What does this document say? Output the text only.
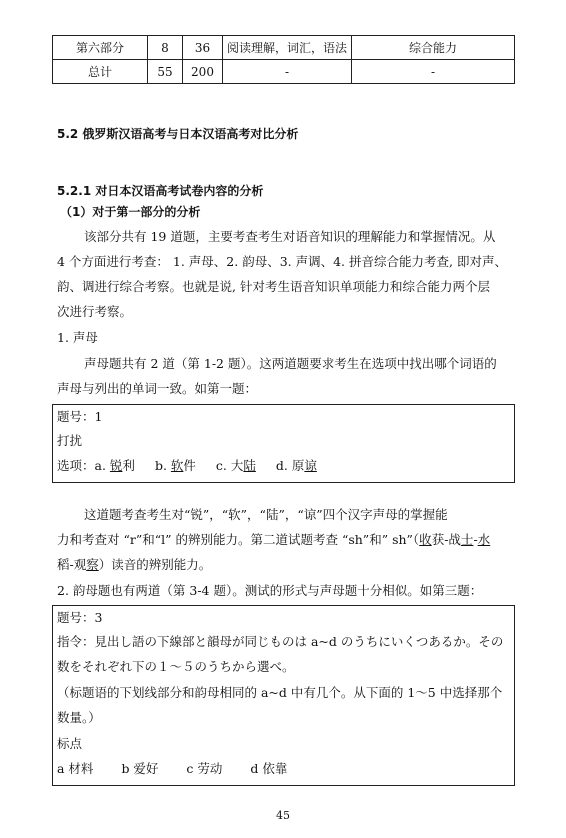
第六部分	8	36	阅读理解，词汇，语法	综合能力
总计	55	200	-	-
5.2 俄罗斯汉语高考与日本汉语高考对比分析
5.2.1 对日本汉语高考试卷内容的分析
（1）对于第一部分的分析
该部分共有 19 道题，主要考查考生对语音知识的理解能力和掌握情况。从
4 个方面进行考查： 1. 声母、2. 韵母、3. 声调、4. 拼音综合能力考查, 即对声、
韵、调进行综合考察。也就是说, 针对考生语音知识单项能力和综合能力两个层
次进行考察。
1. 声母
声母题共有 2 道（第 1-2 题）。这两道题要求考生在选项中找出哪个词语的
声母与列出的单词一致。如第一题：
题号：1
打扰
选项：a. 锐利 b. 软件 c. 大陆 d. 原谅
这道题考查考生对“锐”，“软”，“陆”，“谅”四个汉字声母的掌握能
力和考查对 “r”和“l” 的辨别能力。第二道试题考查 “sh”和” sh”（收获-战士-水
稻-观察）读音的辨别能力。
2. 韵母题也有两道（第 3-4 题）。测试的形式与声母题十分相似。如第三题：
题号：3
指令：見出し語の下線部と韻母が同じものは a~d のうちにいくつあるか。その
数をそれぞれ下の１～５のうちから選べ。
（标题语的下划线部分和韵母相同的 a~d 中有几个。从下面的 1～5 中选择那个
数量。）
标点
a 材料 b 爱好 c 劳动 d 依靠
45
